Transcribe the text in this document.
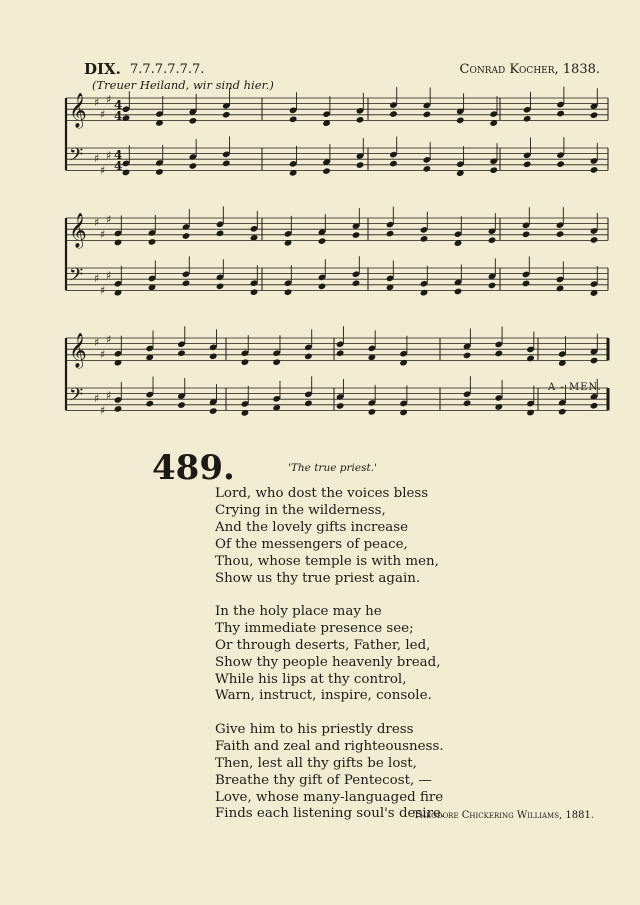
DIX. 7.7.7.7.7.7.	Conrad Kocher, 1838.
(Treuer Heiland, wir sind hier.)
𝄞 ♯
♯
♯
𝄢 ♯
♯
♯
4
4
4
4
𝄞 ♯
♯
♯
𝄢 ♯
♯
♯
𝄞 ♯
♯
♯
𝄢 ♯
♯
♯
A - MEN.
489.	'The true priest.'
Lord, who dost the voices bless
Crying in the wilderness,
And the lovely gifts increase
Of the messengers of peace,
Thou, whose temple is with men,
Show us thy true priest again.
In the holy place may he
Thy immediate presence see;
Or through deserts, Father, led,
Show thy people heavenly bread,
While his lips at thy control,
Warn, instruct, inspire, console.
Give him to his priestly dress
Faith and zeal and righteousness.
Then, lest all thy gifts be lost,
Breathe thy gift of Pentecost, —
Love, whose many-languaged fire
Finds each listening soul's desire.
Theodore Chickering Williams, 1881.
